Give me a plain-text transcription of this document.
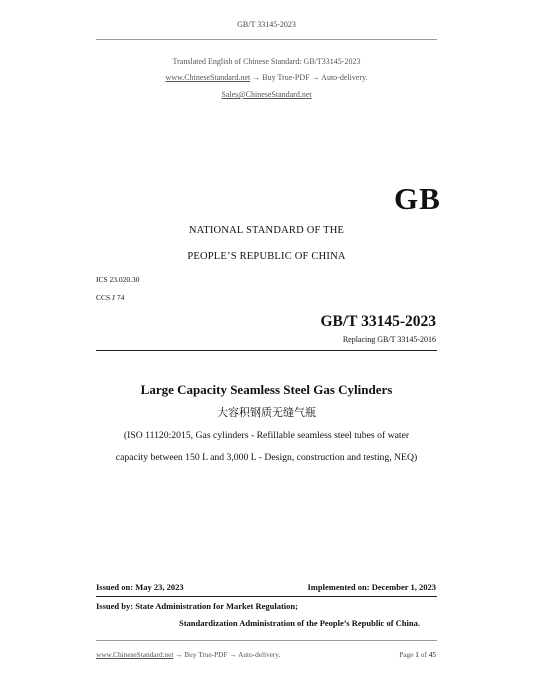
GB/T 33145-2023
Translated English of Chinese Standard: GB/T33145-2023
www.ChineseStandard.net → Buy True-PDF → Auto-delivery.
Sales@ChineseStandard.net
GB
NATIONAL STANDARD OF THE
PEOPLE’S REPUBLIC OF CHINA
ICS 23.020.30
CCS J 74
GB/T 33145-2023
Replacing GB/T 33145-2016
Large Capacity Seamless Steel Gas Cylinders
大容积钢质无缝气瓶
(ISO 11120:2015, Gas cylinders - Refillable seamless steel tubes of water
capacity between 150 L and 3,000 L - Design, construction and testing, NEQ)
Issued on: May 23, 2023	Implemented on: December 1, 2023
Issued by: State Administration for Market Regulation;
Standardization Administration of the People’s Republic of China.
www.ChineseStandard.net → Buy True-PDF → Auto-delivery.	Page 1 of 45
